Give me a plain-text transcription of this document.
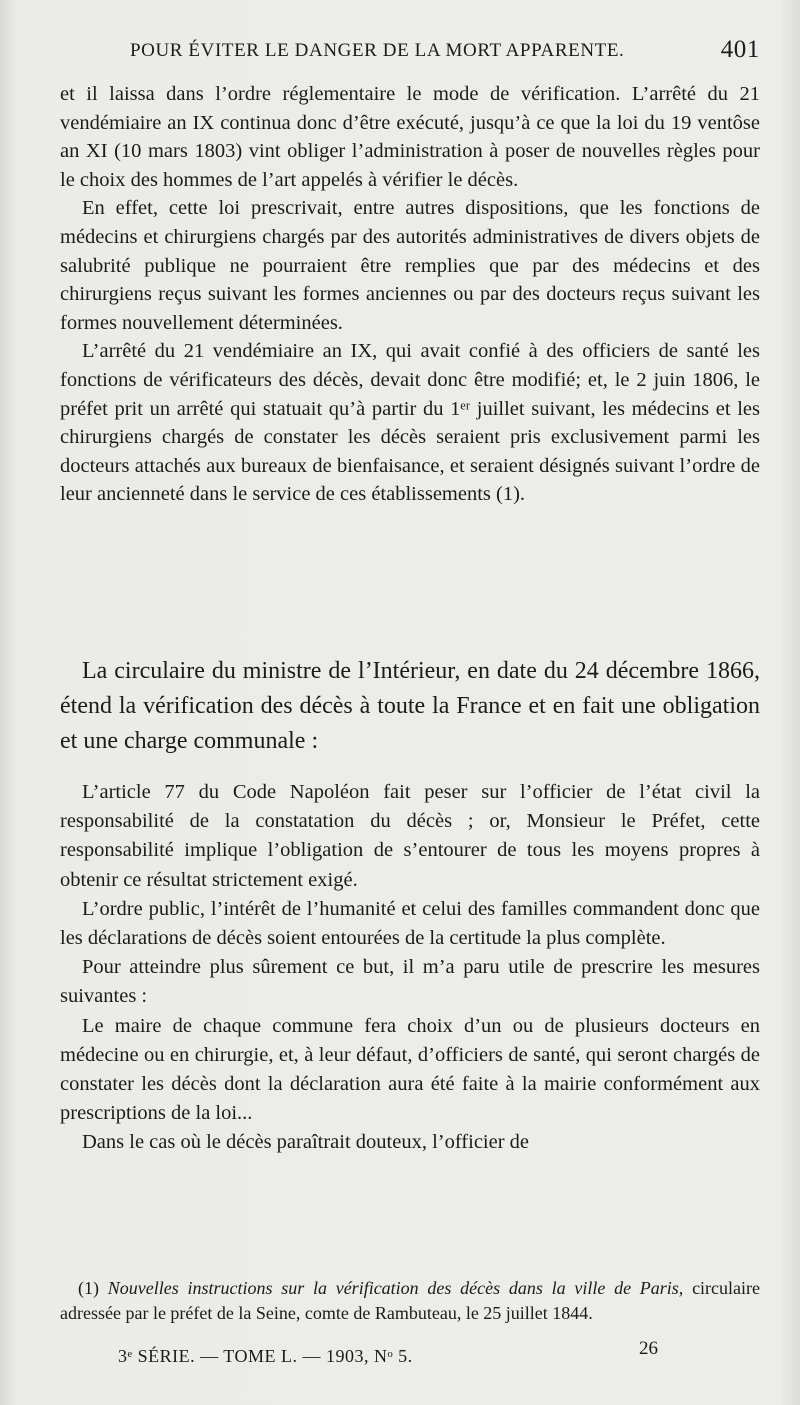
POUR ÉVITER LE DANGER DE LA MORT APPARENTE.	401

et il laissa dans l’ordre réglementaire le mode de vérification. L’arrêté du 21 vendémiaire an IX continua donc d’être exécuté, jusqu’à ce que la loi du 19 ventôse an XI (10 mars 1803) vint obliger l’administration à poser de nouvelles règles pour le choix des hommes de l’art appelés à vérifier le décès.

En effet, cette loi prescrivait, entre autres dispositions, que les fonctions de médecins et chirurgiens chargés par des autorités administratives de divers objets de salubrité publique ne pourraient être remplies que par des médecins et des chirurgiens reçus suivant les formes anciennes ou par des docteurs reçus suivant les formes nouvellement déterminées.

L’arrêté du 21 vendémiaire an IX, qui avait confié à des officiers de santé les fonctions de vérificateurs des décès, devait donc être modifié; et, le 2 juin 1806, le préfet prit un arrêté qui statuait qu’à partir du 1ᵉʳ juillet suivant, les médecins et les chirurgiens chargés de constater les décès seraient pris exclusivement parmi les docteurs attachés aux bureaux de bienfaisance, et seraient désignés suivant l’ordre de leur ancienneté dans le service de ces établissements (1).

La circulaire du ministre de l’Intérieur, en date du 24 décembre 1866, étend la vérification des décès à toute la France et en fait une obligation et une charge communale :

L’article 77 du Code Napoléon fait peser sur l’officier de l’état civil la responsabilité de la constatation du décès ; or, Monsieur le Préfet, cette responsabilité implique l’obligation de s’entourer de tous les moyens propres à obtenir ce résultat strictement exigé.

L’ordre public, l’intérêt de l’humanité et celui des familles commandent donc que les déclarations de décès soient entourées de la certitude la plus complète.

Pour atteindre plus sûrement ce but, il m’a paru utile de prescrire les mesures suivantes :

Le maire de chaque commune fera choix d’un ou de plusieurs docteurs en médecine ou en chirurgie, et, à leur défaut, d’officiers de santé, qui seront chargés de constater les décès dont la déclaration aura été faite à la mairie conformément aux prescriptions de la loi...

Dans le cas où le décès paraîtrait douteux, l’officier de

(1) Nouvelles instructions sur la vérification des décès dans la ville de Paris, circulaire adressée par le préfet de la Seine, comte de Rambuteau, le 25 juillet 1844.

3ᵉ SÉRIE. — TOME L. — 1903, Nᵒ 5.	26
